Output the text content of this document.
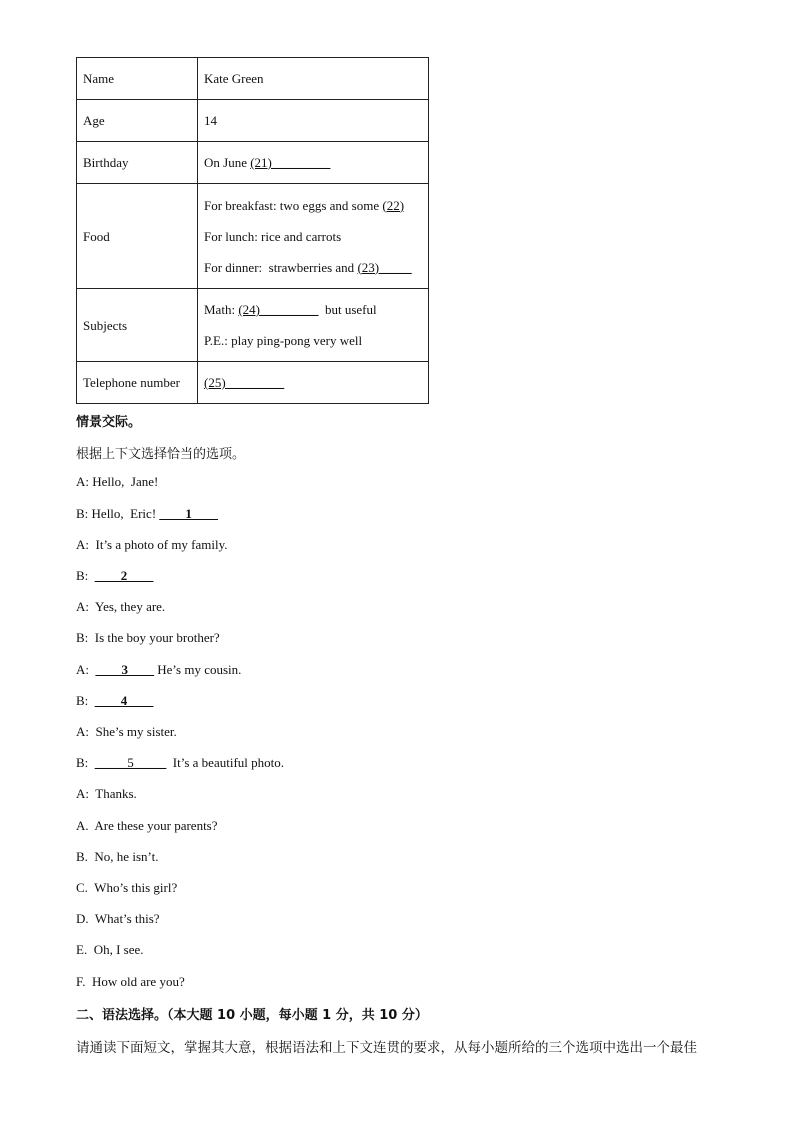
Name	Kate Green
Age	14
Birthday	On June (21)_________
Food	For breakfast: two eggs and some (22)
For lunch: rice and carrots
For dinner:  strawberries and (23)_____

Subjects	Math: (24)_________  but useful
P.E.: play ping-pong very well

Telephone number	(25)_________
情景交际。
根据上下文选择恰当的选项。
A: Hello,  Jane!
B: Hello,  Eric! ____1____
A:  It’s a photo of my family.
B:  ____2____
A:  Yes, they are.
B:  Is the boy your brother?
A:  ____3____ He’s my cousin.
B:  ____4____
A:  She’s my sister.
B:  _____5_____  It’s a beautiful photo.
A:  Thanks.
A.  Are these your parents?
B.  No, he isn’t.
C.  Who’s this girl?
D.  What’s this?
E.  Oh, I see.
F.  How old are you?
二、语法选择。（本大题 10 小题，每小题 1 分，共 10 分）
请通读下面短文，掌握其大意，根据语法和上下文连贯的要求，从每小题所给的三个选项中选出一个最佳
